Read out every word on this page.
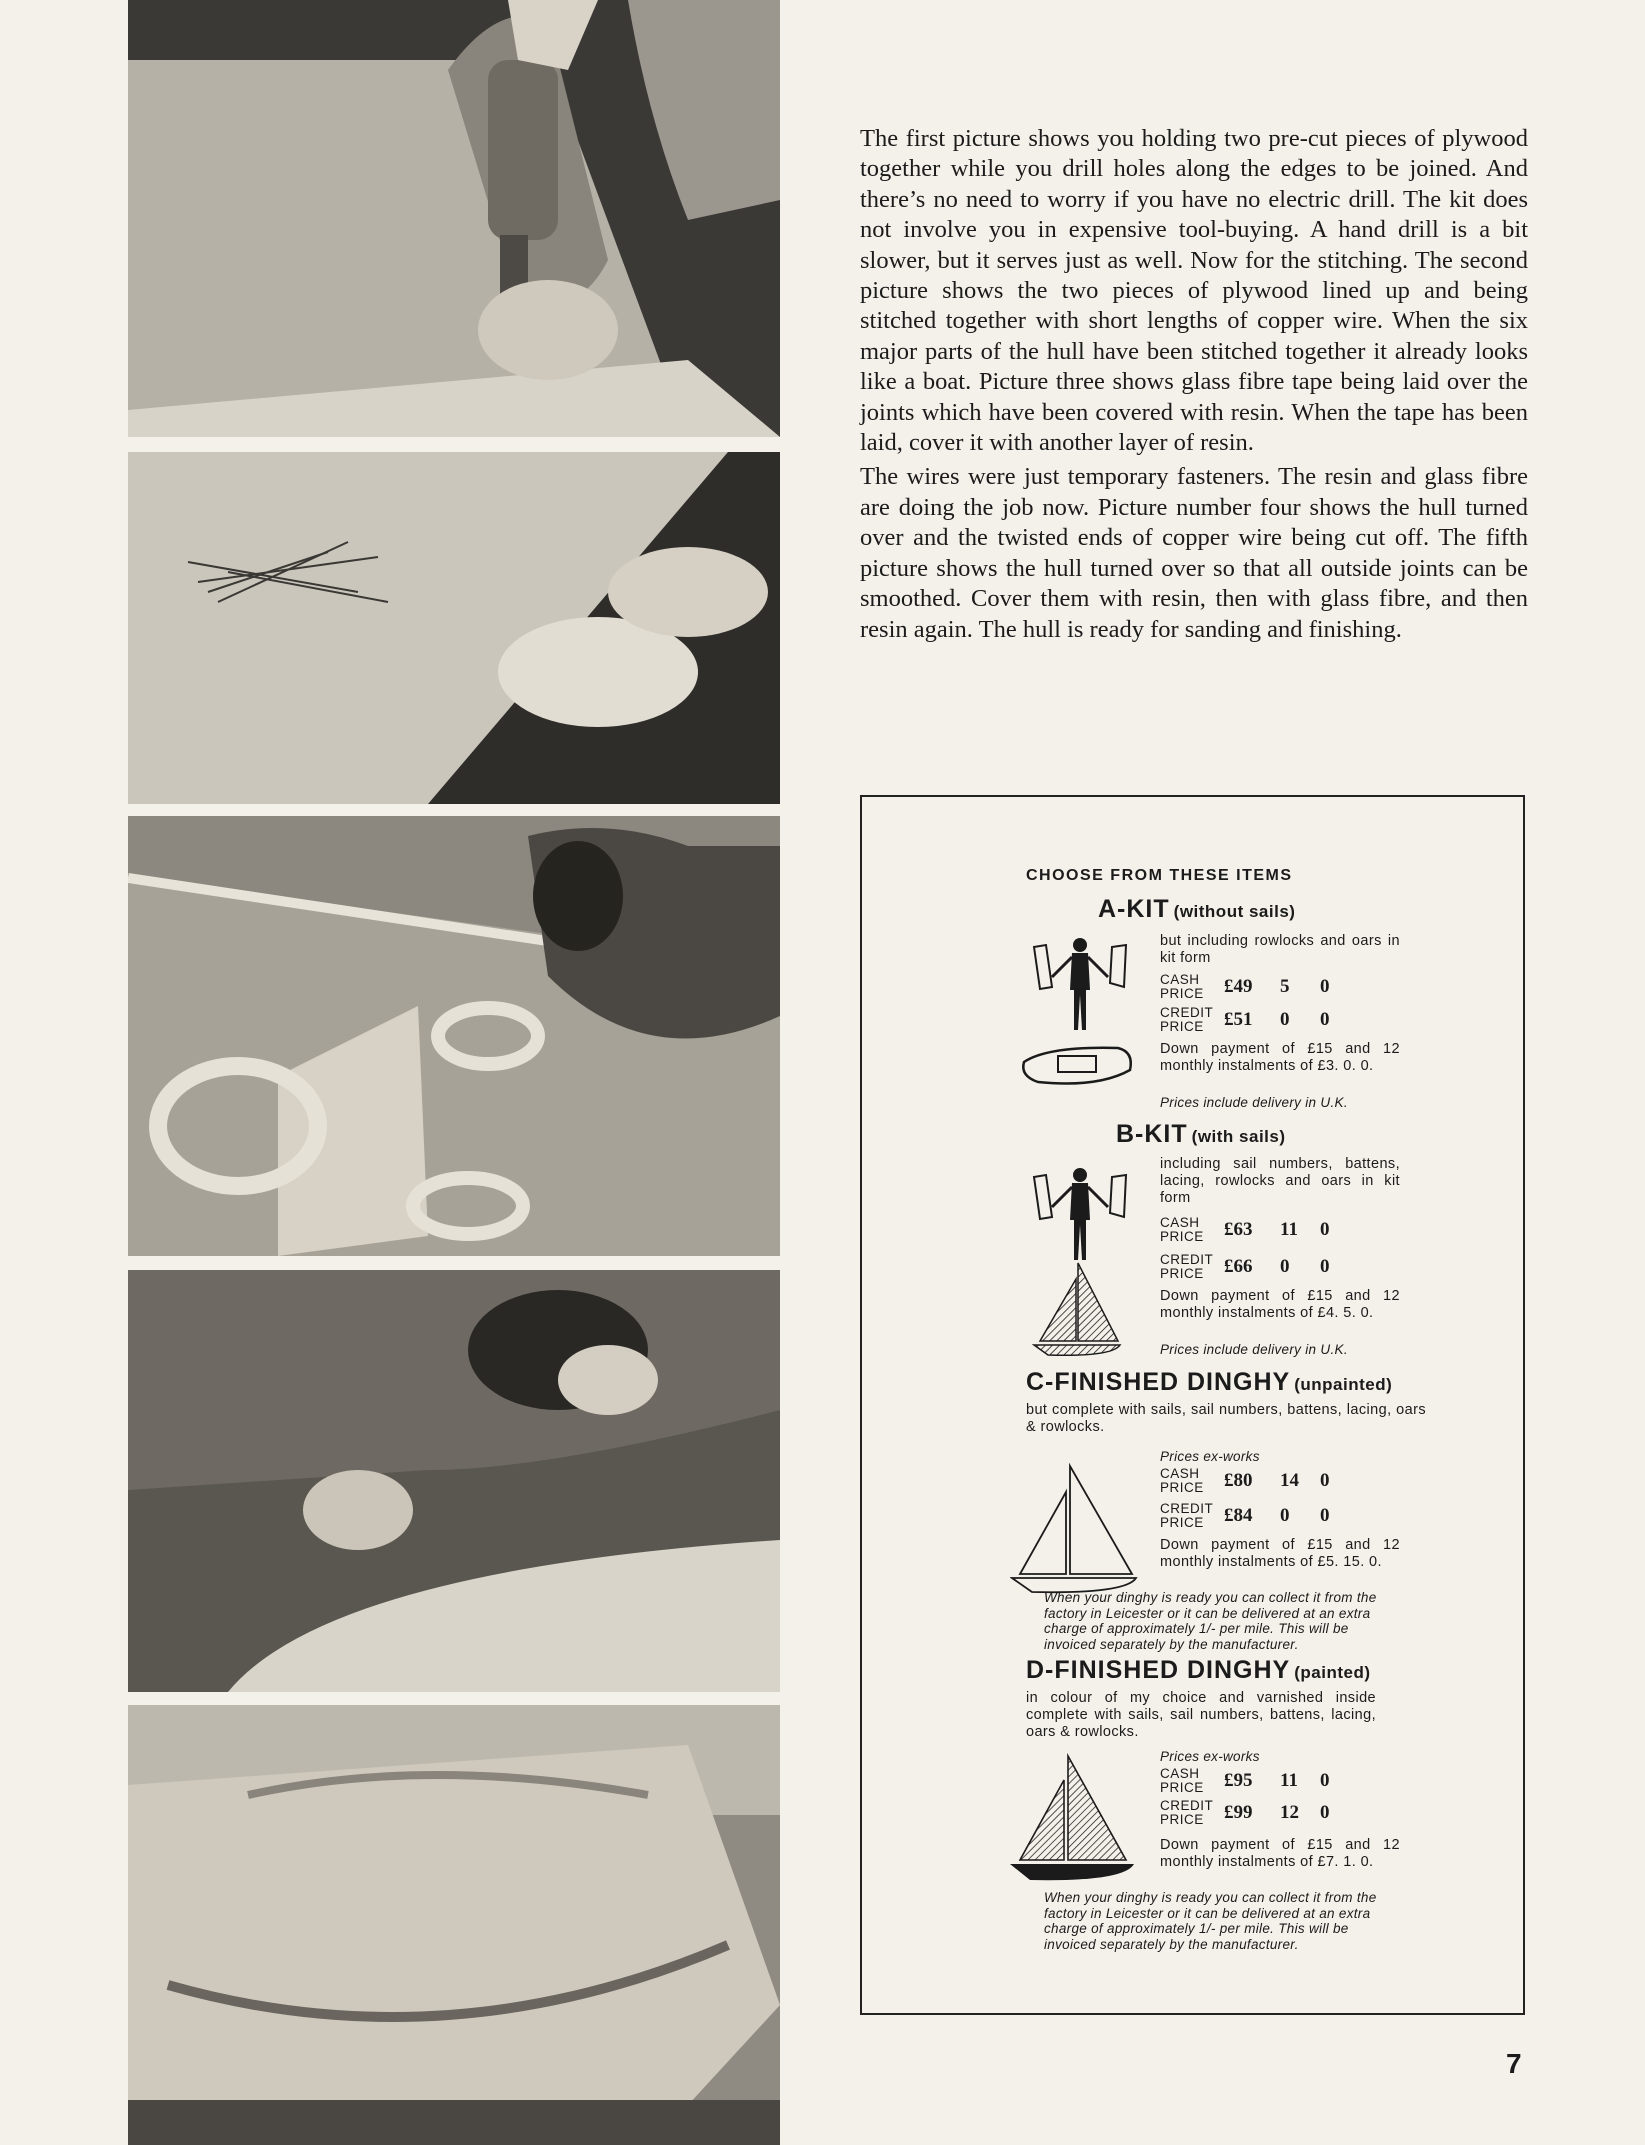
The first picture shows you holding two pre-cut pieces of plywood together while you drill holes along the edges to be joined. And there’s no need to worry if you have no electric drill. The kit does not involve you in expensive tool-buying. A hand drill is a bit slower, but it serves just as well. Now for the stitching. The second picture shows the two pieces of plywood lined up and being stitched together with short lengths of copper wire. When the six major parts of the hull have been stitched together it already looks like a boat. Picture three shows glass fibre tape being laid over the joints which have been covered with resin. When the tape has been laid, cover it with another layer of resin.

The wires were just temporary fasteners. The resin and glass fibre are doing the job now. Picture number four shows the hull turned over and the twisted ends of copper wire being cut off. The fifth picture shows the hull turned over so that all outside joints can be smoothed. Cover them with resin, then with glass fibre, and then resin again. The hull is ready for sanding and finishing.

CHOOSE FROM THESE ITEMS
A-KIT (without sails)
but including rowlocks and oars in kit form
CASH
PRICE	£49	5	0
CREDIT
PRICE	£51	0	0
Down payment of £15 and 12 monthly instalments of £3. 0. 0.
Prices include delivery in U.K.
B-KIT (with sails)
including sail numbers, battens, lacing, rowlocks and oars in kit form
CASH
PRICE	£63	11	0
CREDIT
PRICE	£66	0	0
Down payment of £15 and 12 monthly instalments of £4. 5. 0.
Prices include delivery in U.K.
C-FINISHED DINGHY (unpainted)
but complete with sails, sail numbers, battens, lacing, oars & rowlocks.
Prices ex-works
CASH
PRICE	£80	14	0
CREDIT
PRICE	£84	0	0
Down payment of £15 and 12 monthly instalments of £5. 15. 0.
When your dinghy is ready you can collect it from the factory in Leicester or it can be delivered at an extra charge of approximately 1/- per mile. This will be invoiced separately by the manufacturer.
D-FINISHED DINGHY (painted)
in colour of my choice and varnished inside complete with sails, sail numbers, battens, lacing, oars & rowlocks.
Prices ex-works
CASH
PRICE	£95	11	0
CREDIT
PRICE	£99	12	0
Down payment of £15 and 12 monthly instalments of £7. 1. 0.
When your dinghy is ready you can collect it from the factory in Leicester or it can be delivered at an extra charge of approximately 1/- per mile. This will be invoiced separately by the manufacturer.
7
